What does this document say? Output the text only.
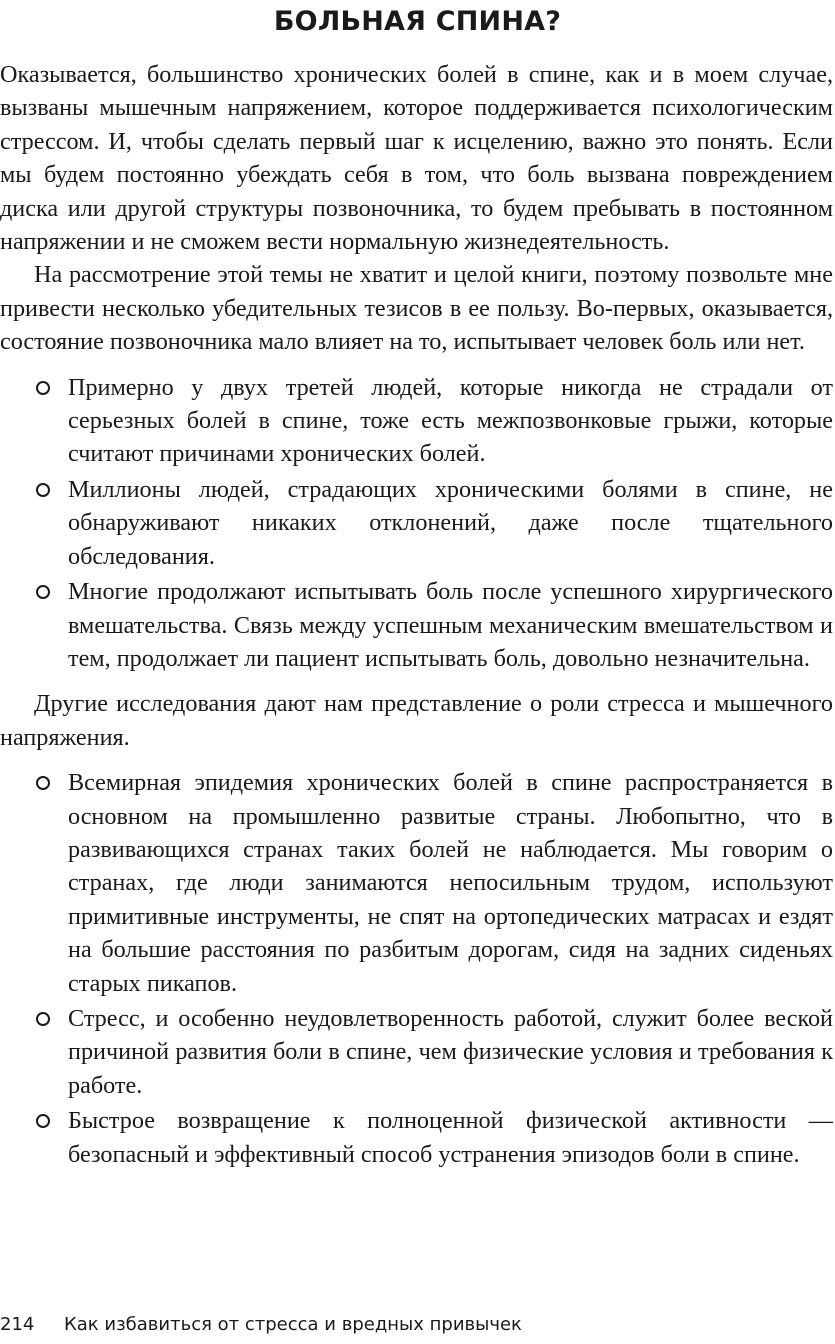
БОЛЬНАЯ СПИНА?

Оказывается, большинство хронических болей в спине, как и в моем случае, вызваны мышечным напряжением, которое поддерживается психологическим стрессом. И, чтобы сделать первый шаг к исцелению, важно это понять. Если мы будем постоянно убеждать себя в том, что боль вызвана повреждением диска или другой структуры позвоночника, то будем пребывать в постоянном напряжении и не сможем вести нормальную жизнедеятельность.

На рассмотрение этой темы не хватит и целой книги, поэтому позвольте мне привести несколько убедительных тезисов в ее пользу. Во-первых, оказывается, состояние позвоночника мало влияет на то, испытывает человек боль или нет.

Примерно у двух третей людей, которые никогда не страдали от серьезных болей в спине, тоже есть межпозвонковые грыжи, которые считают причинами хронических болей.
Миллионы людей, страдающих хроническими болями в спине, не обнаруживают никаких отклонений, даже после тщательного обследования.
Многие продолжают испытывать боль после успешного хирургического вмешательства. Связь между успешным механическим вмешательством и тем, продолжает ли пациент испытывать боль, довольно незначительна.

Другие исследования дают нам представление о роли стресса и мышечного напряжения.

Всемирная эпидемия хронических болей в спине распространяется в основном на промышленно развитые страны. Любопытно, что в развивающихся странах таких болей не наблюдается. Мы говорим о странах, где люди занимаются непосильным трудом, используют примитивные инструменты, не спят на ортопедических матрасах и ездят на большие расстояния по разбитым дорогам, сидя на задних сиденьях старых пикапов.
Стресс, и особенно неудовлетворенность работой, служит более веской причиной развития боли в спине, чем физические условия и требования к работе.
Быстрое возвращение к полноценной физической активности — безопасный и эффективный способ устранения эпизодов боли в спине.
214 Как избавиться от стресса и вредных привычек
